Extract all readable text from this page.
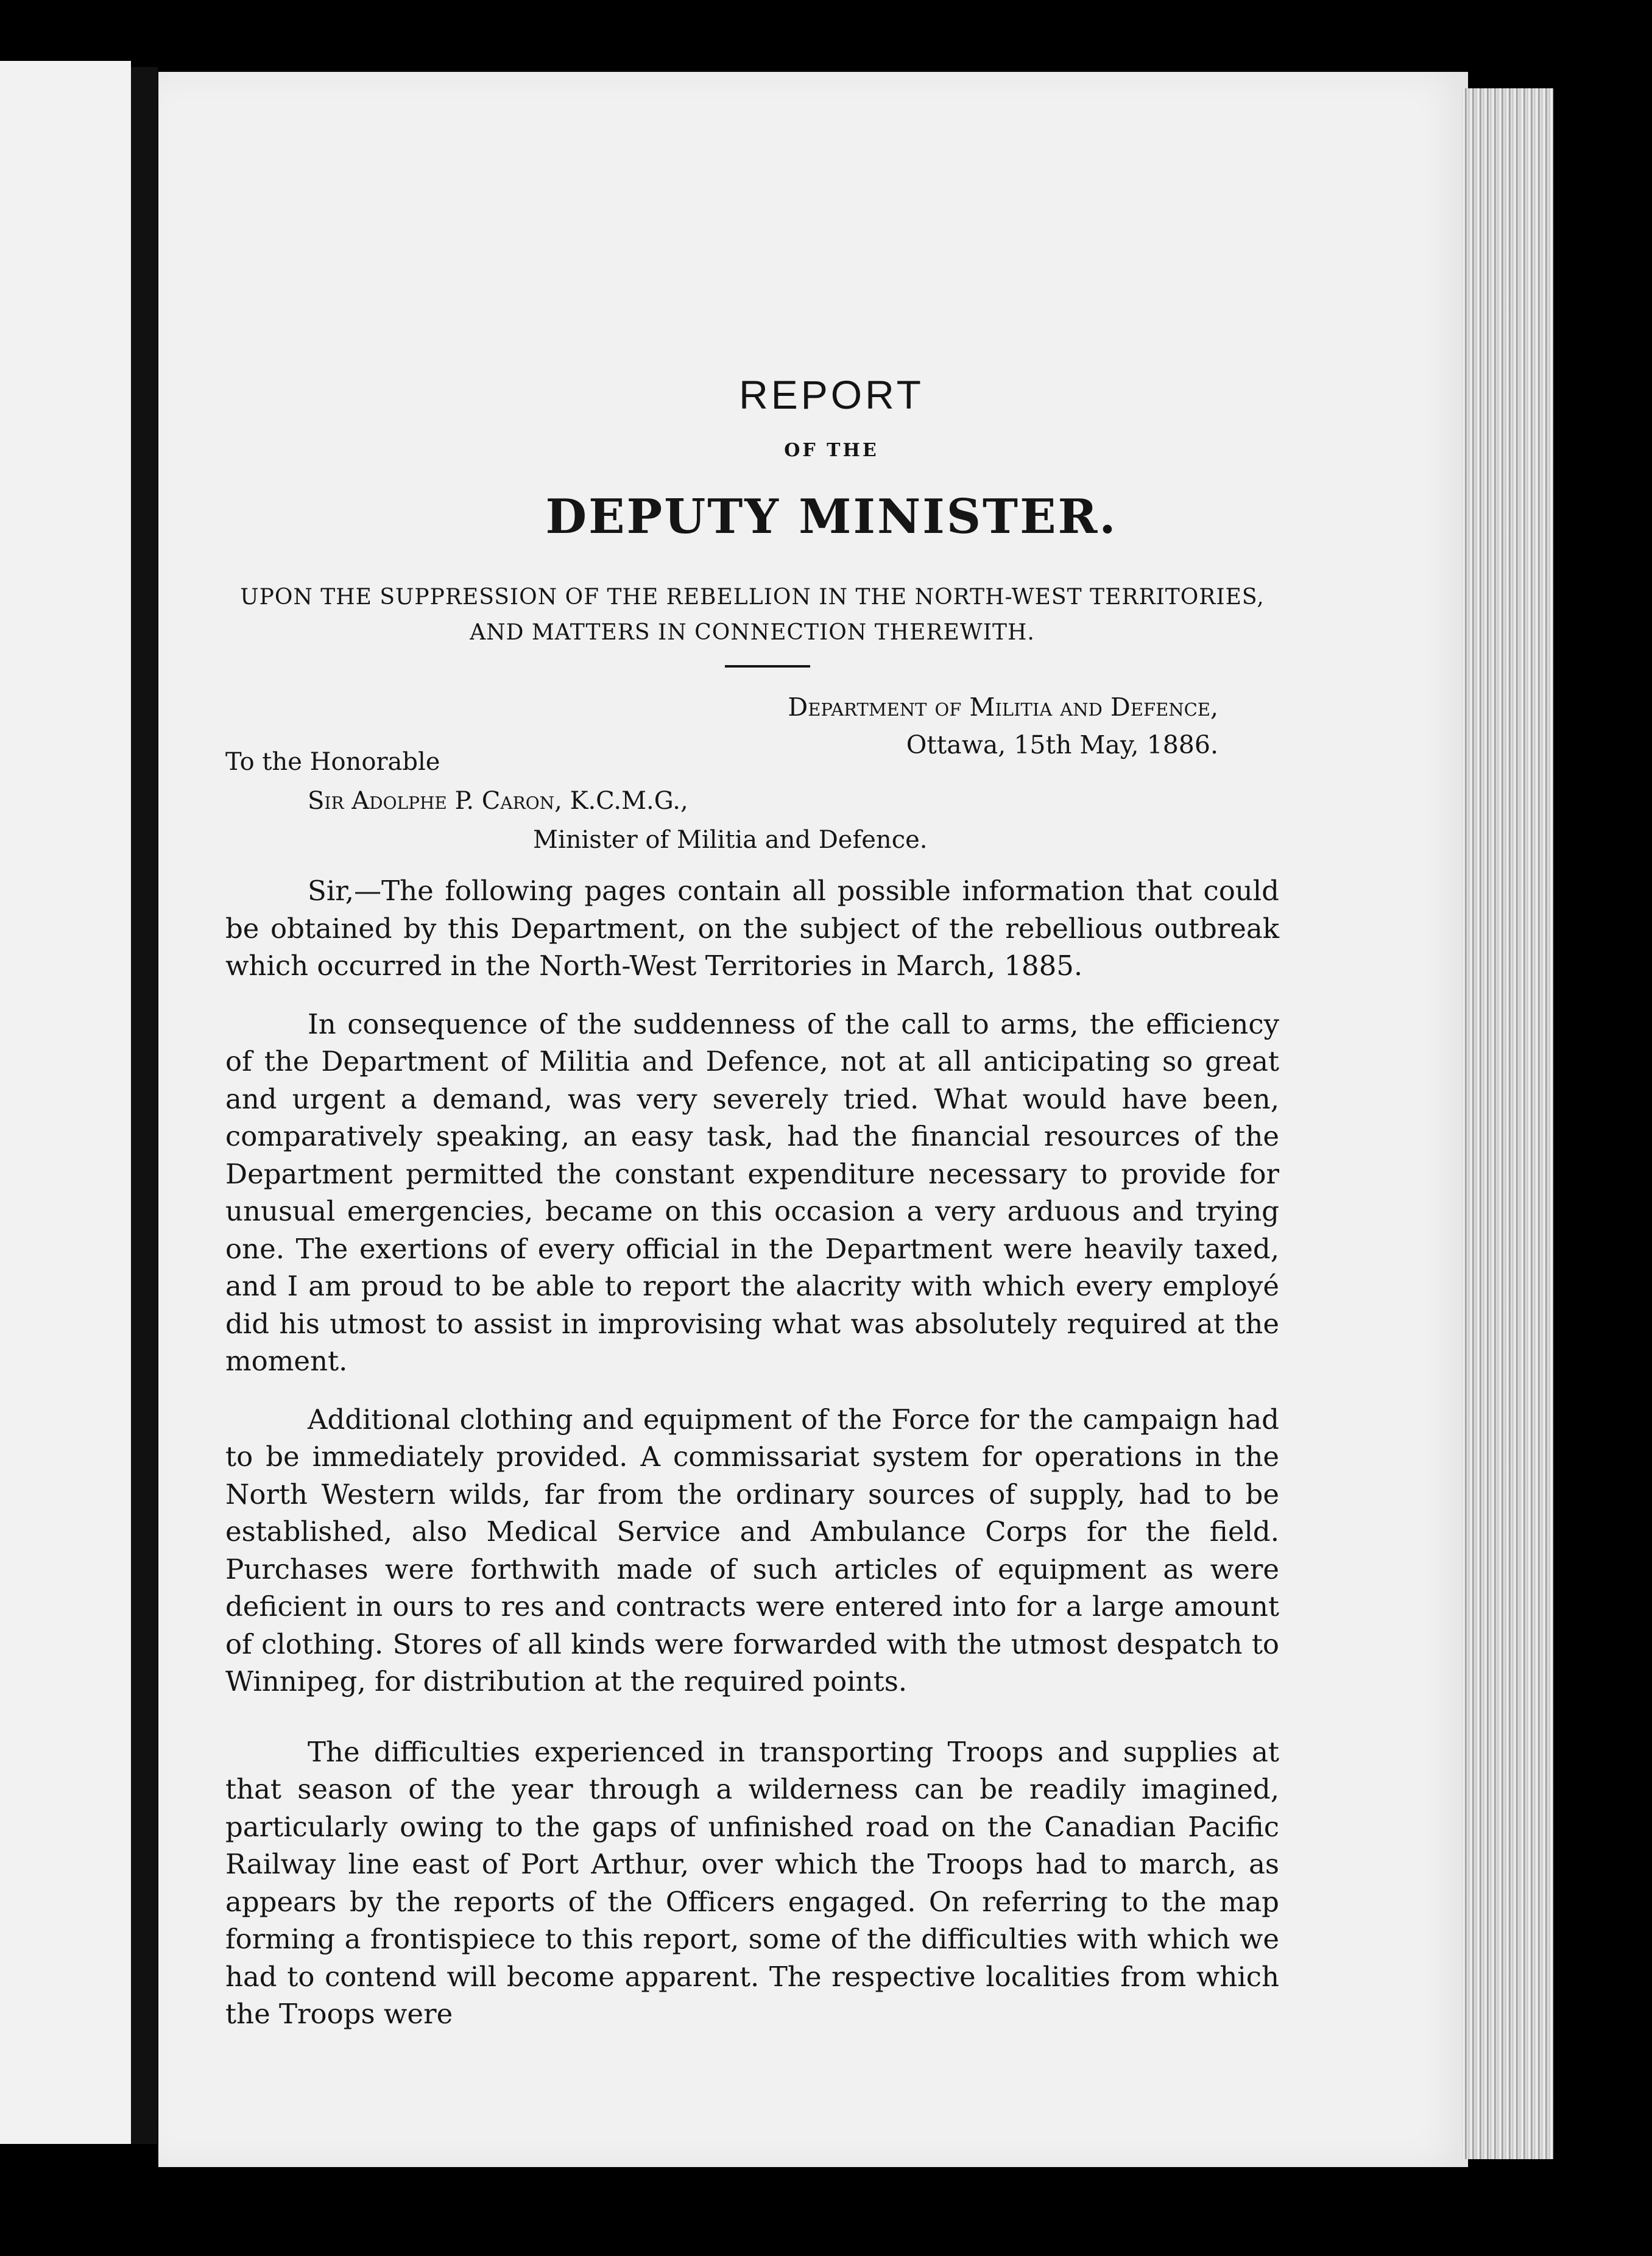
REPORT
OF THE
DEPUTY MINISTER.
UPON THE SUPPRESSION OF THE REBELLION IN THE NORTH-WEST TERRITORIES,
AND MATTERS IN CONNECTION THEREWITH.
Department of Militia and Defence,
Ottawa, 15th May, 1886.
To the Honorable
Sir Adolphe P. Caron, K.C.M.G.,
Minister of Militia and Defence.

Sir,—The following pages contain all possible information that could be obtained by this Department, on the subject of the rebellious outbreak which occurred in the North-West Territories in March, 1885.

In consequence of the suddenness of the call to arms, the efficiency of the Department of Militia and Defence, not at all anticipating so great and urgent a demand, was very severely tried. What would have been, comparatively speaking, an easy task, had the financial resources of the Department permitted the constant expenditure necessary to provide for unusual emergencies, became on this occasion a very arduous and trying one. The exertions of every official in the Department were heavily taxed, and I am proud to be able to report the alacrity with which every employé did his utmost to assist in improvising what was absolutely required at the moment.

Additional clothing and equipment of the Force for the campaign had to be immediately provided. A commissariat system for operations in the North Western wilds, far from the ordinary sources of supply, had to be established, also Medical Service and Ambulance Corps for the field. Purchases were forthwith made of such articles of equipment as were deficient in ours to res and contracts were entered into for a large amount of clothing. Stores of all kinds were forwarded with the utmost despatch to Winnipeg, for distribution at the required points.

The difficulties experienced in transporting Troops and supplies at that season of the year through a wilderness can be readily imagined, particularly owing to the gaps of unfinished road on the Canadian Pacific Railway line east of Port Arthur, over which the Troops had to march, as appears by the reports of the Officers engaged. On referring to the map forming a frontispiece to this report, some of the difficulties with which we had to contend will become apparent. The respective localities from which the Troops were
